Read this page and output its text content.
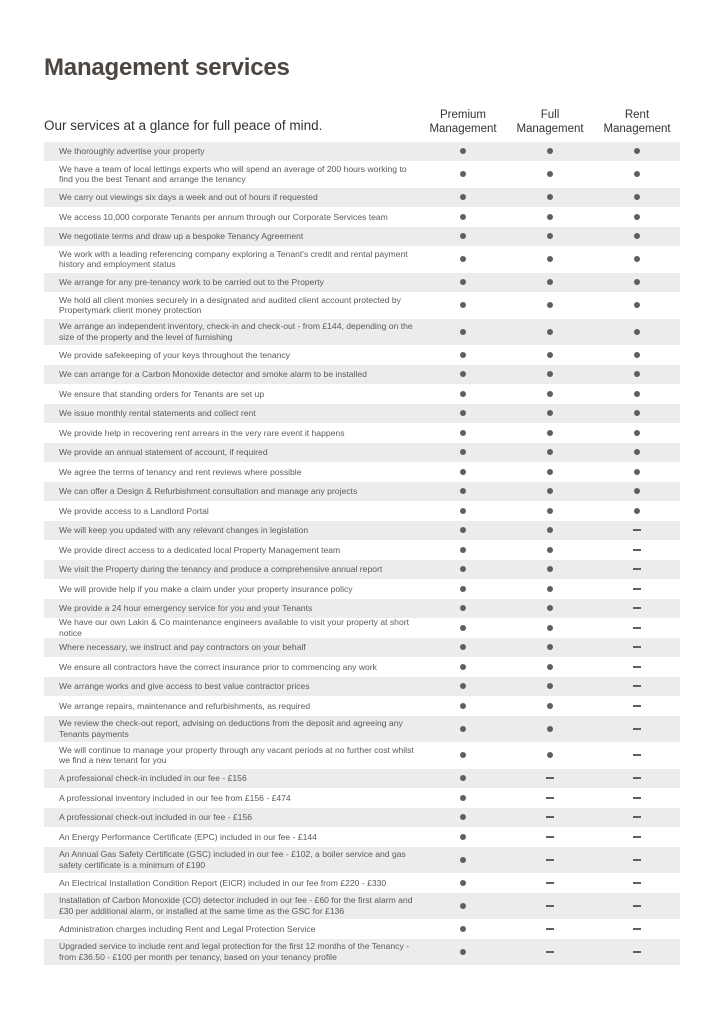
Management services
Our services at a glance for full peace of mind.
Premium
Management
Full
Management
Rent
Management
We thoroughly advertise your property
We have a team of local lettings experts who will spend an average of 200 hours working to find you the best Tenant and arrange the tenancy
We carry out viewings six days a week and out of hours if requested
We access 10,000 corporate Tenants per annum through our Corporate Services team
We negotiate terms and draw up a bespoke Tenancy Agreement
We work with a leading referencing company exploring a Tenant's credit and rental payment history and employment status
We arrange for any pre-tenancy work to be carried out to the Property
We hold all client monies securely in a designated and audited client account protected by Propertymark client money protection
We arrange an independent inventory, check-in and check-out - from £144, depending on the size of the property and the level of furnishing
We provide safekeeping of your keys throughout the tenancy
We can arrange for a Carbon Monoxide detector and smoke alarm to be installed
We ensure that standing orders for Tenants are set up
We issue monthly rental statements and collect rent
We provide help in recovering rent arrears in the very rare event it happens
We provide an annual statement of account, if required
We agree the terms of tenancy and rent reviews where possible
We can offer a Design & Refurbishment consultation and manage any projects
We provide access to a Landlord Portal
We will keep you updated with any relevant changes in legislation
We provide direct access to a dedicated local Property Management team
We visit the Property during the tenancy and produce a comprehensive annual report
We will provide help if you make a claim under your property insurance policy
We provide a 24 hour emergency service for you and your Tenants
We have our own Lakin & Co maintenance engineers available to visit your property at short notice
Where necessary, we instruct and pay contractors on your behalf
We ensure all contractors have the correct insurance prior to commencing any work
We arrange works and give access to best value contractor prices
We arrange repairs, maintenance and refurbishments, as required
We review the check-out report, advising on deductions from the deposit and agreeing any Tenants payments
We will continue to manage your property through any vacant periods at no further cost whilst we find a new tenant for you
A professional check-in included in our fee - £156
A professional inventory included in our fee from £156 - £474
A professional check-out included in our fee - £156
An Energy Performance Certificate (EPC) included in our fee - £144
An Annual Gas Safety Certificate (GSC) included in our fee - £102, a boiler service and gas safety certificate is a minimum of £190
An Electrical Installation Condition Report (EICR) included in our fee from £220 - £330
Installation of Carbon Monoxide (CO) detector included in our fee - £60 for the first alarm and £30 per additional alarm, or installed at the same time as the GSC for £136
Administration charges including Rent and Legal Protection Service
Upgraded service to include rent and legal protection for the first 12 months of the Tenancy - from £36.50 - £100 per month per tenancy, based on your tenancy profile
